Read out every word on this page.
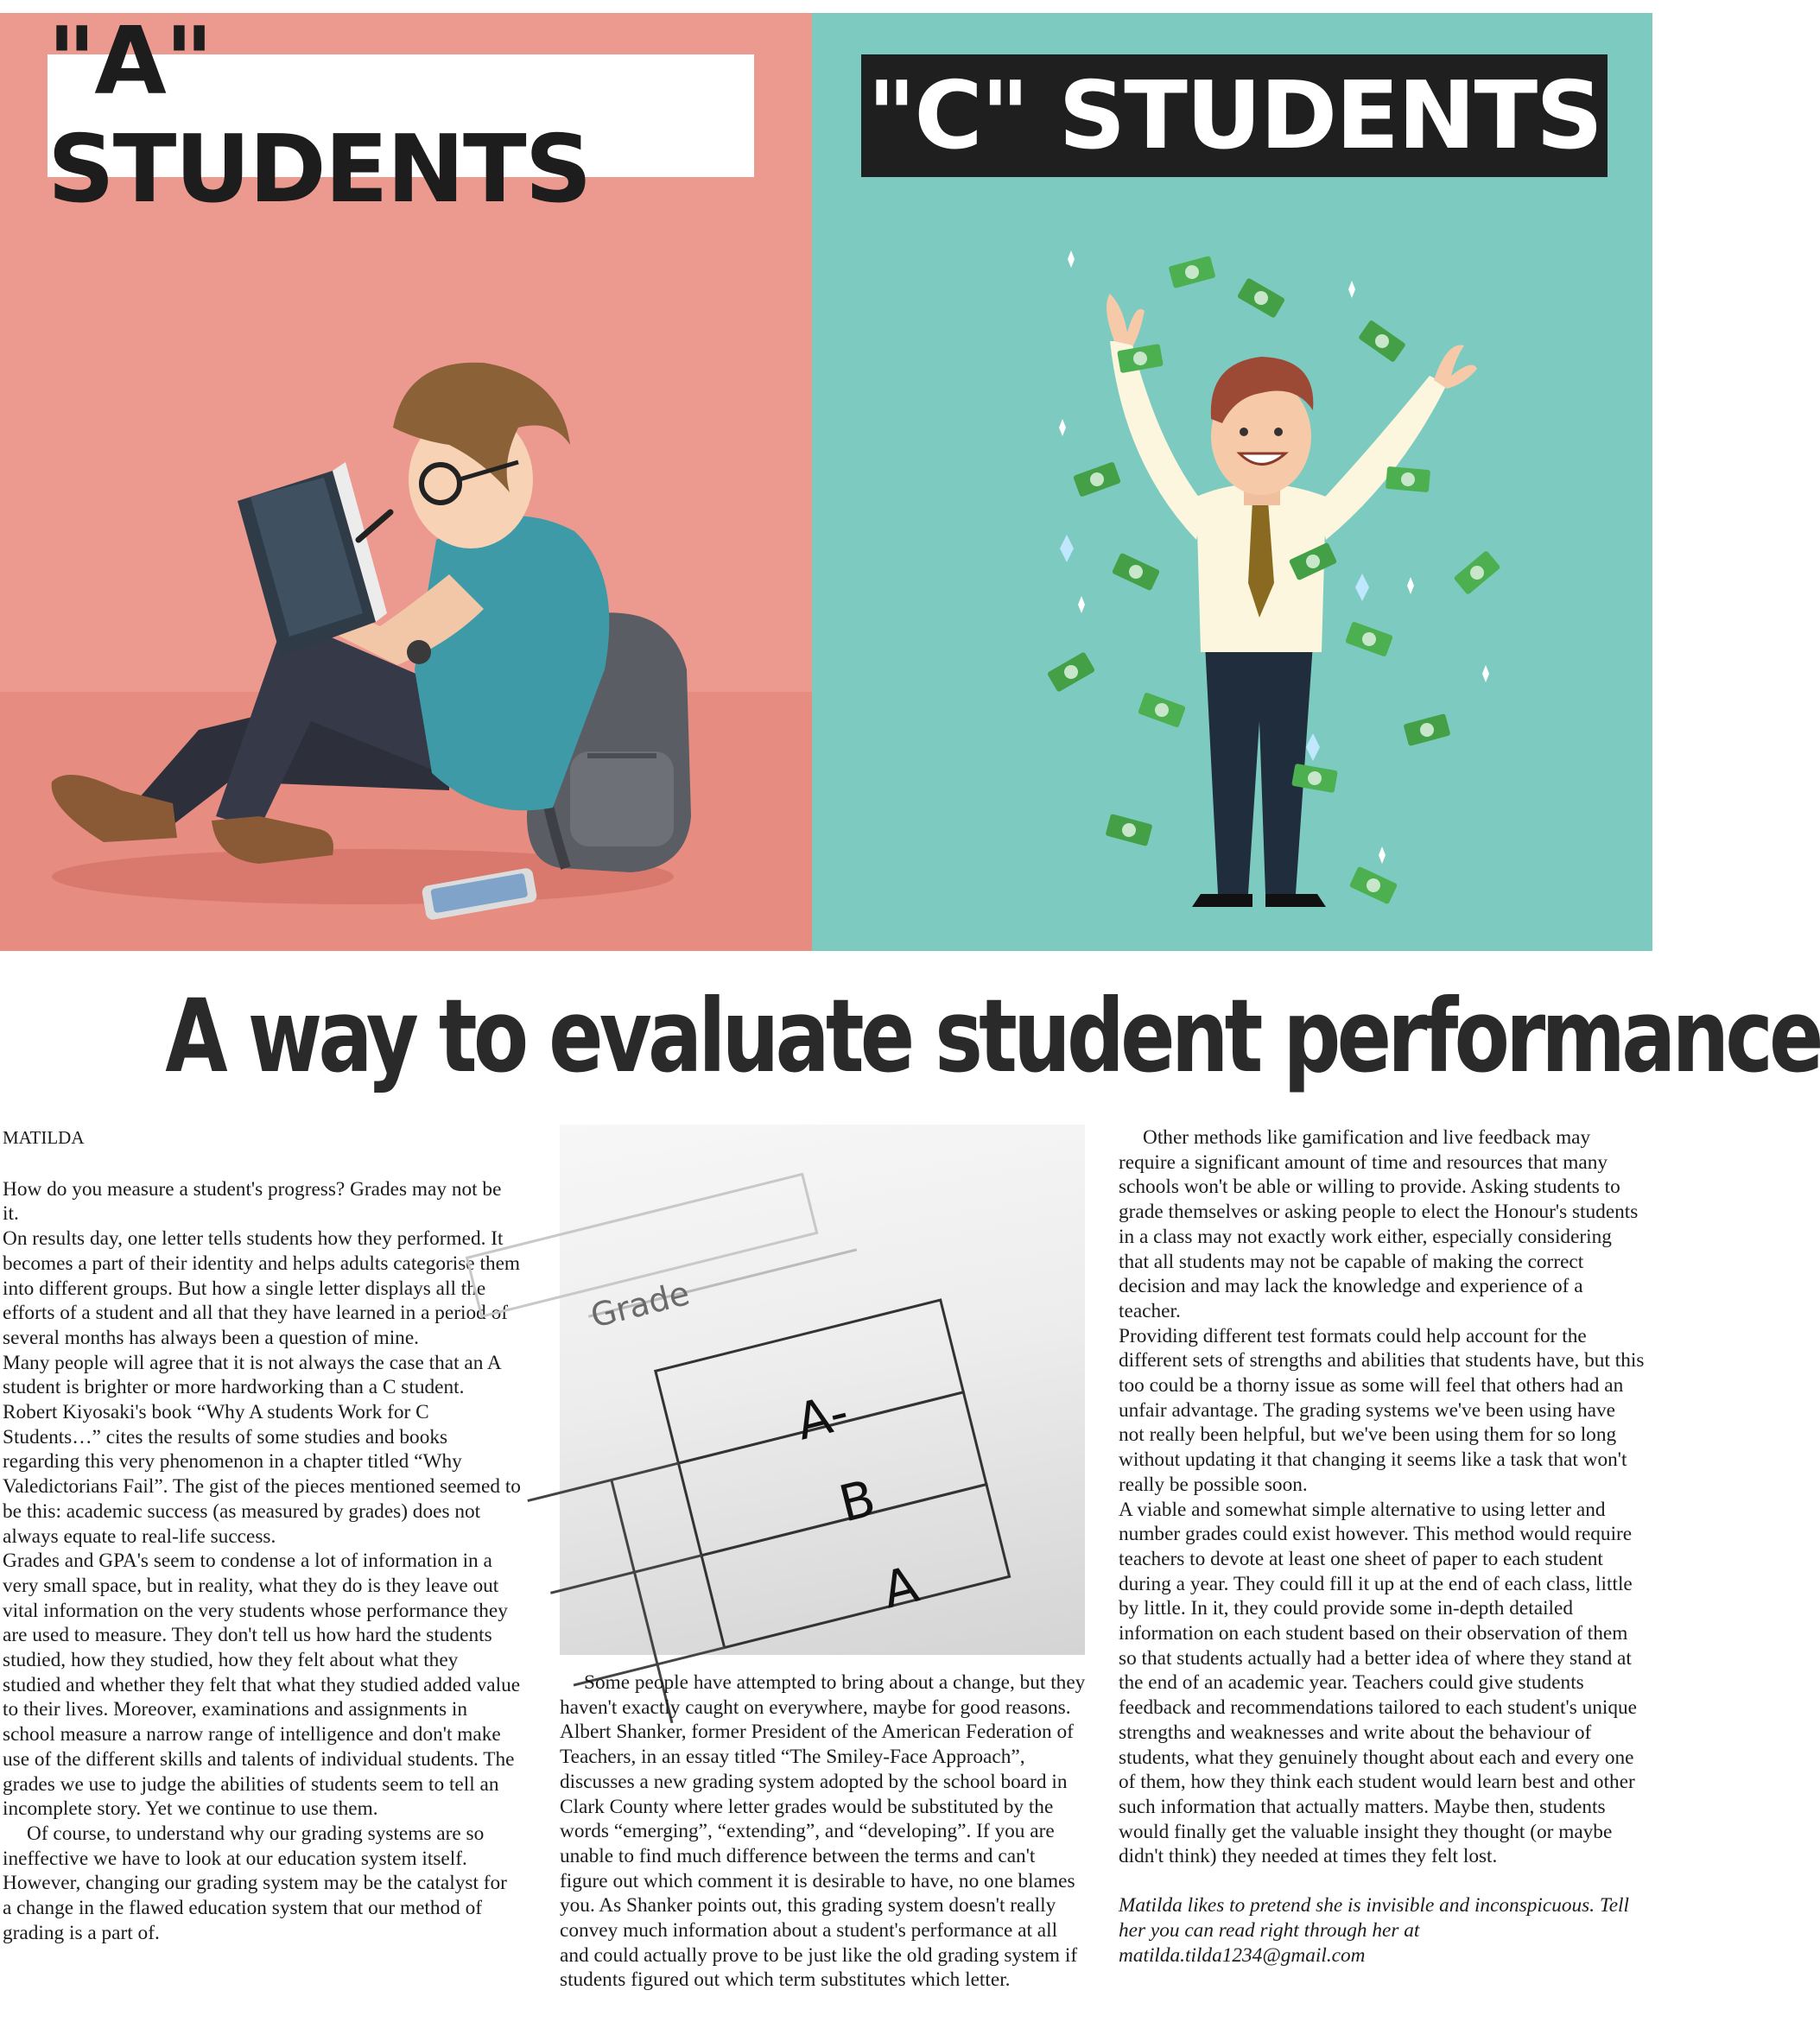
"A" STUDENTS	"C" STUDENTS
A way to evaluate student performance

MATILDA

How do you measure a student's progress? Grades may not be it.

On results day, one letter tells students how they performed. It becomes a part of their identity and helps adults categorise them into different groups. But how a single letter displays all the efforts of a student and all that they have learned in a period of several months has always been a question of mine.

Many people will agree that it is not always the case that an A student is brighter or more hardworking than a C student. Robert Kiyosaki's book “Why A students Work for C Students…” cites the results of some studies and books regarding this very phenomenon in a chapter titled “Why Valedictorians Fail”. The gist of the pieces mentioned seemed to be this: academic success (as measured by grades) does not always equate to real-life success.

Grades and GPA's seem to condense a lot of information in a very small space, but in reality, what they do is they leave out vital information on the very students whose performance they are used to measure. They don't tell us how hard the students studied, how they studied, how they felt about what they studied and whether they felt that what they studied added value to their lives. Moreover, examinations and assignments in school measure a narrow range of intelligence and don't make use of the different skills and talents of individual students. The grades we use to judge the abilities of students seem to tell an incomplete story. Yet we continue to use them.

Of course, to understand why our grading systems are so ineffective we have to look at our education system itself. However, changing our grading system may be the catalyst for a change in the flawed education system that our method of grading is a part of.

Grade
A-
B
A

Some people have attempted to bring about a change, but they haven't exactly caught on everywhere, maybe for good reasons. Albert Shanker, former President of the American Federation of Teachers, in an essay titled “The Smiley-Face Approach”, discusses a new grading system adopted by the school board in Clark County where letter grades would be substituted by the words “emerging”, “extending”, and “developing”. If you are unable to find much difference between the terms and can't figure out which comment it is desirable to have, no one blames you. As Shanker points out, this grading system doesn't really convey much information about a student's performance at all and could actually prove to be just like the old grading system if students figured out which term substitutes which letter.

Other methods like gamification and live feedback may require a significant amount of time and resources that many schools won't be able or willing to provide. Asking students to grade themselves or asking people to elect the Honour's students in a class may not exactly work either, especially considering that all students may not be capable of making the correct decision and may lack the knowledge and experience of a teacher.

Providing different test formats could help account for the different sets of strengths and abilities that students have, but this too could be a thorny issue as some will feel that others had an unfair advantage. The grading systems we've been using have not really been helpful, but we've been using them for so long without updating it that changing it seems like a task that won't really be possible soon.

A viable and somewhat simple alternative to using letter and number grades could exist however. This method would require teachers to devote at least one sheet of paper to each student during a year. They could fill it up at the end of each class, little by little. In it, they could provide some in-depth detailed information on each student based on their observation of them so that students actually had a better idea of where they stand at the end of an academic year. Teachers could give students feedback and recommendations tailored to each student's unique strengths and weaknesses and write about the behaviour of students, what they genuinely thought about each and every one of them, how they think each student would learn best and other such information that actually matters. Maybe then, students would finally get the valuable insight they thought (or maybe didn't think) they needed at times they felt lost.

Matilda likes to pretend she is invisible and inconspicuous. Tell her you can read right through her at matilda.tilda1234@gmail.com
